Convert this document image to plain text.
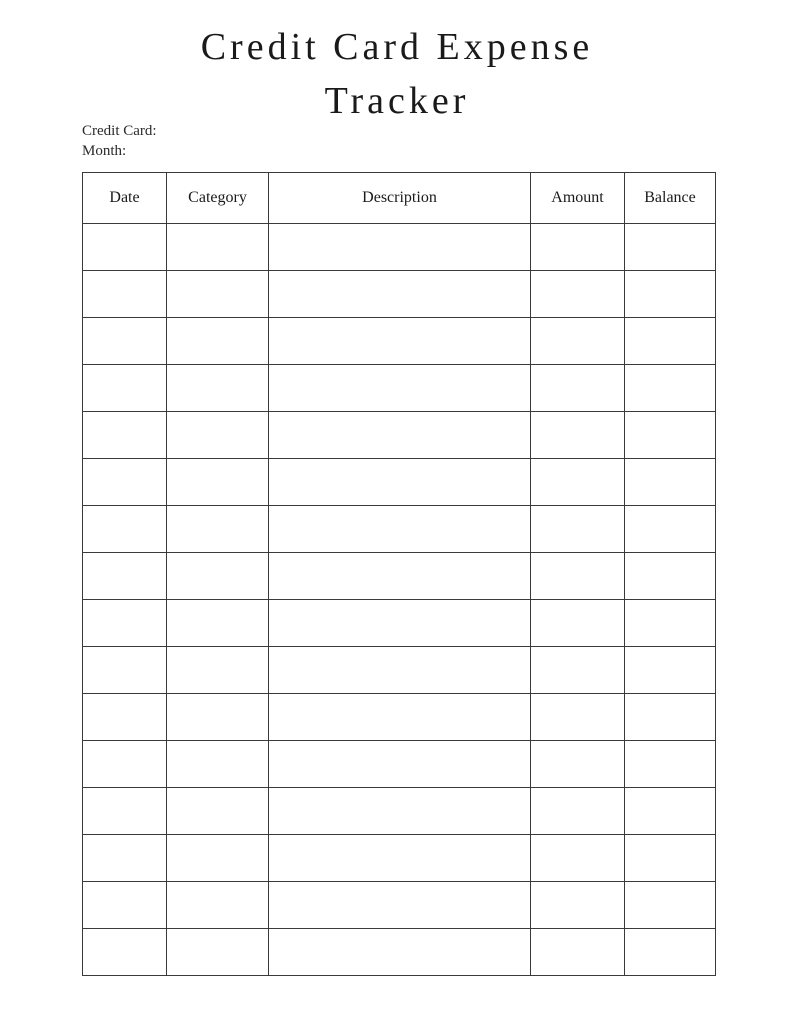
Credit Card Expense
Tracker
Credit Card:
Month:
Date	Category	Description	Amount	Balance
